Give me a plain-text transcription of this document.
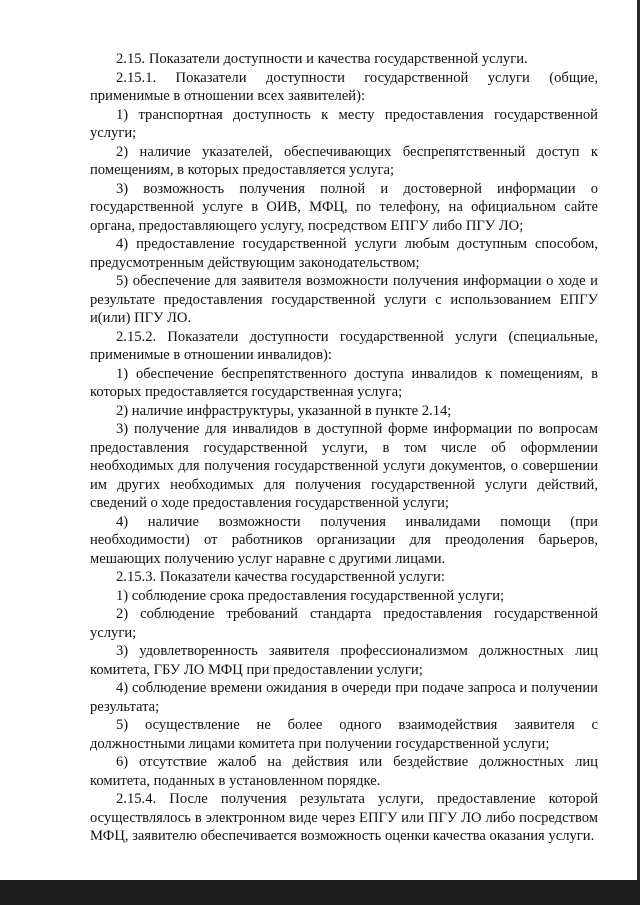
2.15. Показатели доступности и качества государственной услуги.

2.15.1. Показатели доступности государственной услуги (общие, применимые в отношении всех заявителей):

1) транспортная доступность к месту предоставления государственной услуги;

2) наличие указателей, обеспечивающих беспрепятственный доступ к помещениям, в которых предоставляется услуга;

3) возможность получения полной и достоверной информации о государственной услуге в ОИВ, МФЦ, по телефону, на официальном сайте органа, предоставляющего услугу, посредством ЕПГУ либо ПГУ ЛО;

4) предоставление государственной услуги любым доступным способом, предусмотренным действующим законодательством;

5) обеспечение для заявителя возможности получения информации о ходе и результате предоставления государственной услуги с использованием ЕПГУ и(или) ПГУ ЛО.

2.15.2. Показатели доступности государственной услуги (специальные, применимые в отношении инвалидов):

1) обеспечение беспрепятственного доступа инвалидов к помещениям, в которых предоставляется государственная услуга;

2) наличие инфраструктуры, указанной в пункте 2.14;

3) получение для инвалидов в доступной форме информации по вопросам предоставления государственной услуги, в том числе об оформлении необходимых для получения государственной услуги документов, о совершении им других необходимых для получения государственной услуги действий, сведений о ходе предоставления государственной услуги;

4) наличие возможности получения инвалидами помощи (при необходимости) от работников организации для преодоления барьеров, мешающих получению услуг наравне с другими лицами.

2.15.3. Показатели качества государственной услуги:

1) соблюдение срока предоставления государственной услуги;

2) соблюдение требований стандарта предоставления государственной услуги;

3) удовлетворенность заявителя профессионализмом должностных лиц комитета, ГБУ ЛО МФЦ при предоставлении услуги;

4) соблюдение времени ожидания в очереди при подаче запроса и получении результата;

5) осуществление не более одного взаимодействия заявителя с должностными лицами комитета при получении государственной услуги;

6) отсутствие жалоб на действия или бездействие должностных лиц комитета, поданных в установленном порядке.

2.15.4. После получения результата услуги, предоставление которой осуществлялось в электронном виде через ЕПГУ или ПГУ ЛО либо посредством МФЦ, заявителю обеспечивается возможность оценки качества оказания услуги.
